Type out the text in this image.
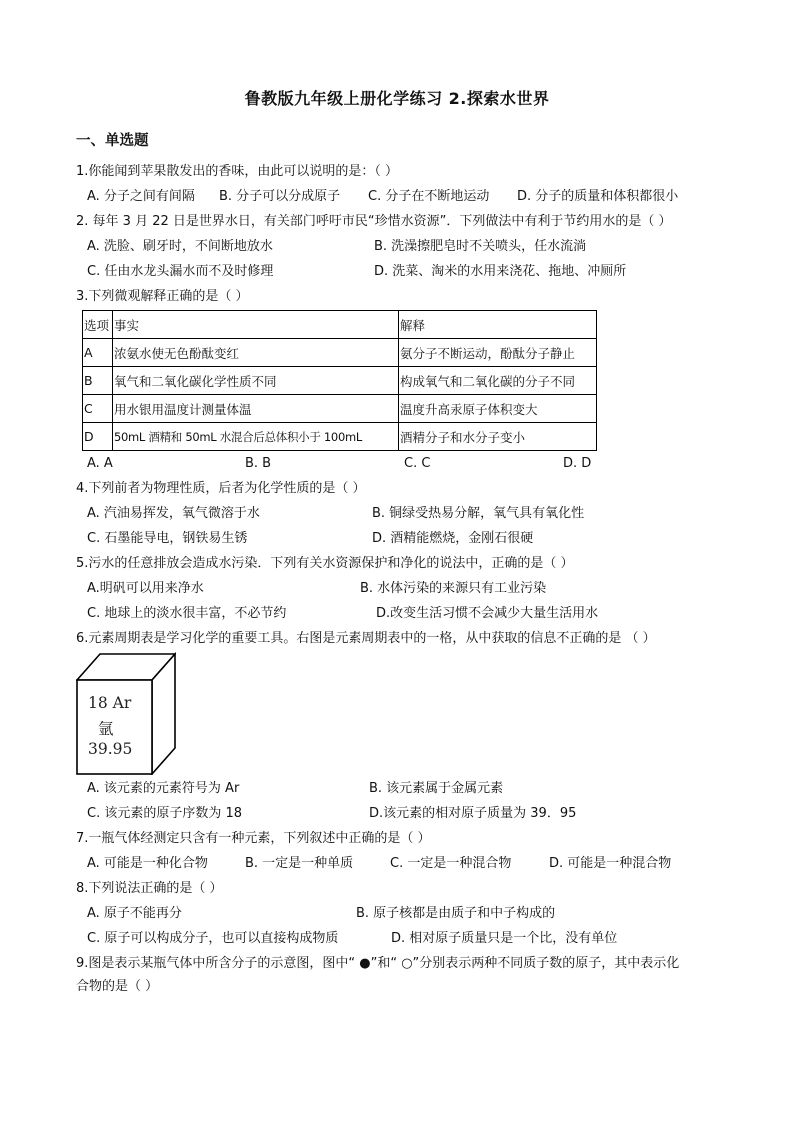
鲁教版九年级上册化学练习 2.探索水世界
一、单选题
1.你能闻到苹果散发出的香味，由此可以说明的是：（ ）
A. 分子之间有间隔 B. 分子可以分成原子 C. 分子在不断地运动 D. 分子的质量和体积都很小
2. 每年 3 月 22 日是世界水日，有关部门呼吁市民“珍惜水资源”．下列做法中有利于节约用水的是（ ）
A. 洗脸、刷牙时，不间断地放水	B. 洗澡擦肥皂时不关喷头，任水流淌
C. 任由水龙头漏水而不及时修理	D. 洗菜、淘米的水用来浇花、拖地、冲厕所
3.下列微观解释正确的是（ ）
选项	事实	解释
A	浓氨水使无色酚酞变红	氨分子不断运动，酚酞分子静止
B	氧气和二氧化碳化学性质不同	构成氧气和二氧化碳的分子不同
C	用水银用温度计测量体温	温度升高汞原子体积变大
D	50mL 酒精和 50mL 水混合后总体积小于 100mL	酒精分子和水分子变小
A. A	B. B	C. C	D. D
4.下列前者为物理性质，后者为化学性质的是（ ）
A. 汽油易挥发，氧气微溶于水	B. 铜绿受热易分解，氧气具有氧化性
C. 石墨能导电，钢铁易生锈	D. 酒精能燃烧，金刚石很硬
5.污水的任意排放会造成水污染．下列有关水资源保护和净化的说法中，正确的是（ ）
A.明矾可以用来净水	B. 水体污染的来源只有工业污染
C. 地球上的淡水很丰富，不必节约	D.改变生活习惯不会减少大量生活用水
6.元素周期表是学习化学的重要工具。右图是元素周期表中的一格，从中获取的信息不正确的是 （ ）
18 Ar
氩
39.95
A. 该元素的元素符号为 Ar	B. 该元素属于金属元素
C. 该元素的原子序数为 18	D.该元素的相对原子质量为 39．95
7.一瓶气体经测定只含有一种元素，下列叙述中正确的是（ ）
A. 可能是一种化合物	B. 一定是一种单质	C. 一定是一种混合物	D. 可能是一种混合物
8.下列说法正确的是（ ）
A. 原子不能再分	B. 原子核都是由质子和中子构成的
C. 原子可以构成分子，也可以直接构成物质	D. 相对原子质量只是一个比，没有单位
9.图是表示某瓶气体中所含分子的示意图，图中“ ●”和“ ○”分别表示两种不同质子数的原子，其中表示化
合物的是（ ）
